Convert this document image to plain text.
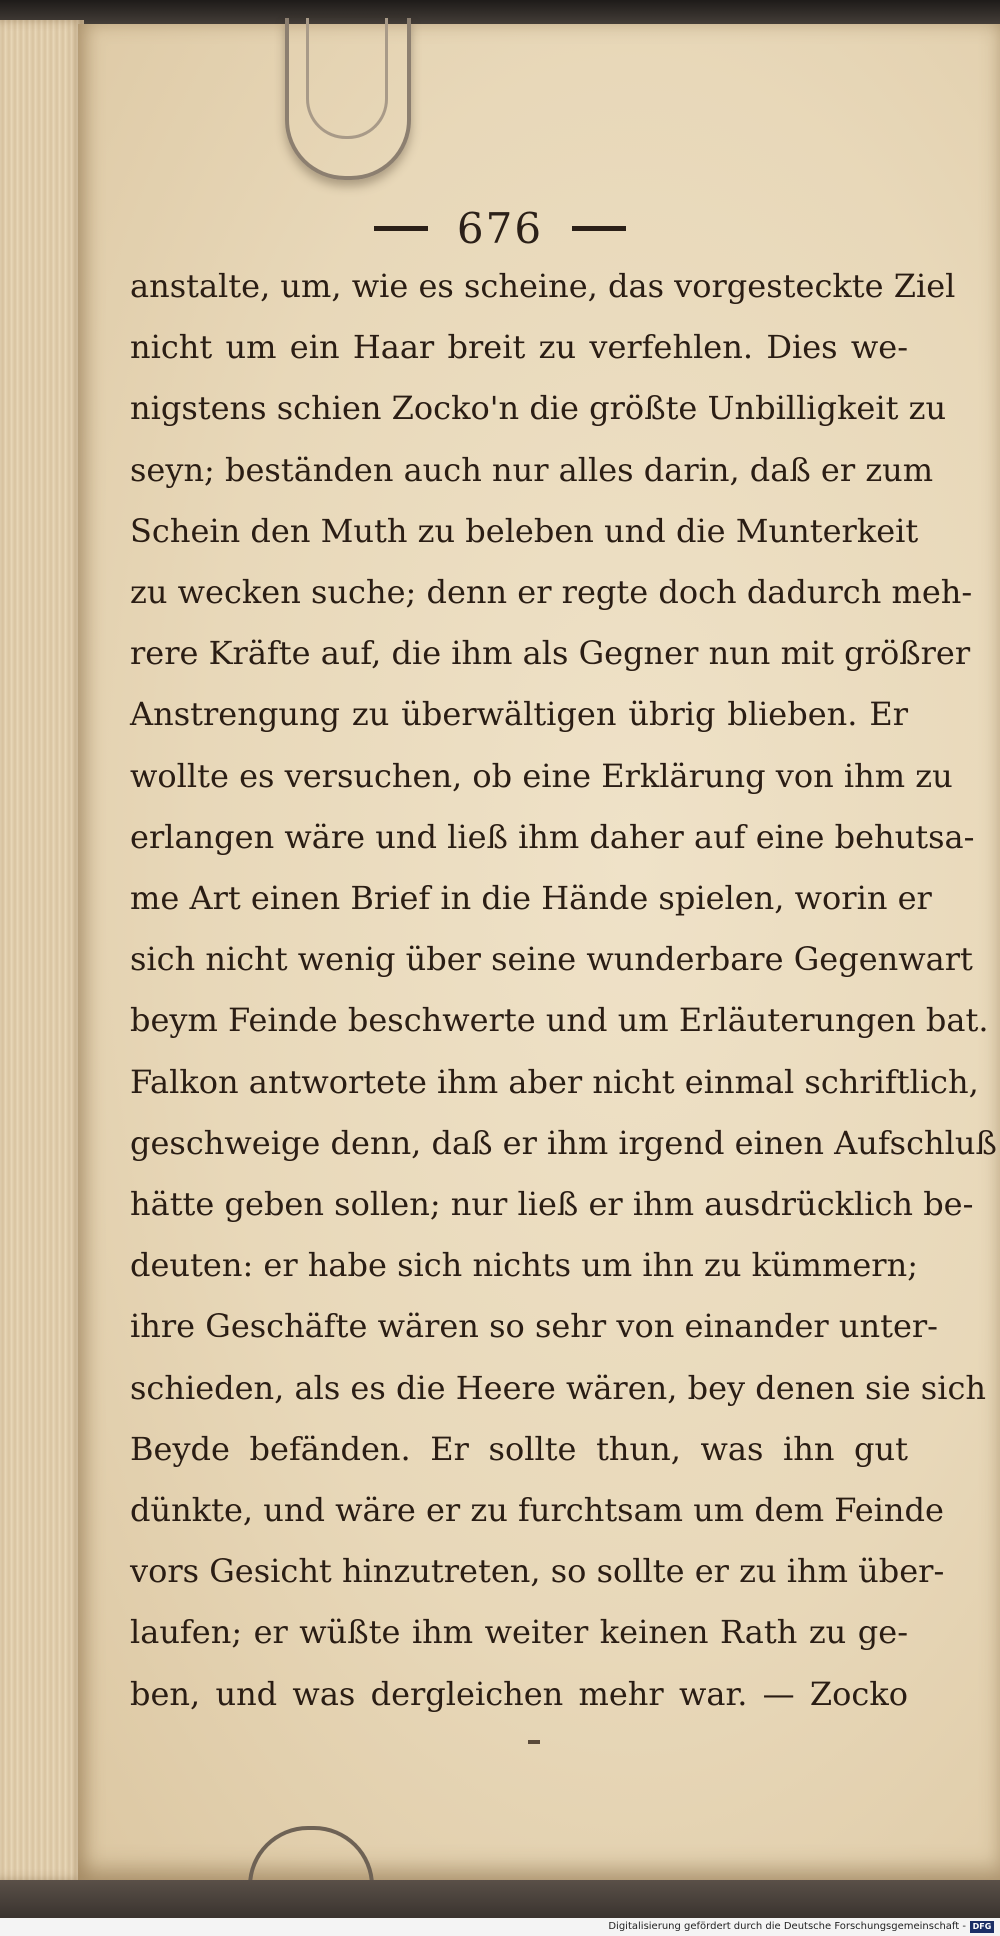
676
anstalte, um, wie es scheine, das vorgesteckte Ziel
nicht um ein Haar breit zu verfehlen. Dies we-
nigstens schien Zocko'n die größte Unbilligkeit zu
seyn; beständen auch nur alles darin, daß er zum
Schein den Muth zu beleben und die Munterkeit
zu wecken suche; denn er regte doch dadurch meh-
rere Kräfte auf, die ihm als Gegner nun mit größrer
Anstrengung zu überwältigen übrig blieben. Er
wollte es versuchen, ob eine Erklärung von ihm zu
erlangen wäre und ließ ihm daher auf eine behutsa-
me Art einen Brief in die Hände spielen, worin er
sich nicht wenig über seine wunderbare Gegenwart
beym Feinde beschwerte und um Erläuterungen bat.
Falkon antwortete ihm aber nicht einmal schriftlich,
geschweige denn, daß er ihm irgend einen Aufschluß
hätte geben sollen; nur ließ er ihm ausdrücklich be-
deuten: er habe sich nichts um ihn zu kümmern;
ihre Geschäfte wären so sehr von einander unter-
schieden, als es die Heere wären, bey denen sie sich
Beyde befänden. Er sollte thun, was ihn gut
dünkte, und wäre er zu furchtsam um dem Feinde
vors Gesicht hinzutreten, so sollte er zu ihm über-
laufen; er wüßte ihm weiter keinen Rath zu ge-
ben, und was dergleichen mehr war. — Zocko
Digitalisierung gefördert durch die Deutsche Forschungsgemeinschaft - DFG
